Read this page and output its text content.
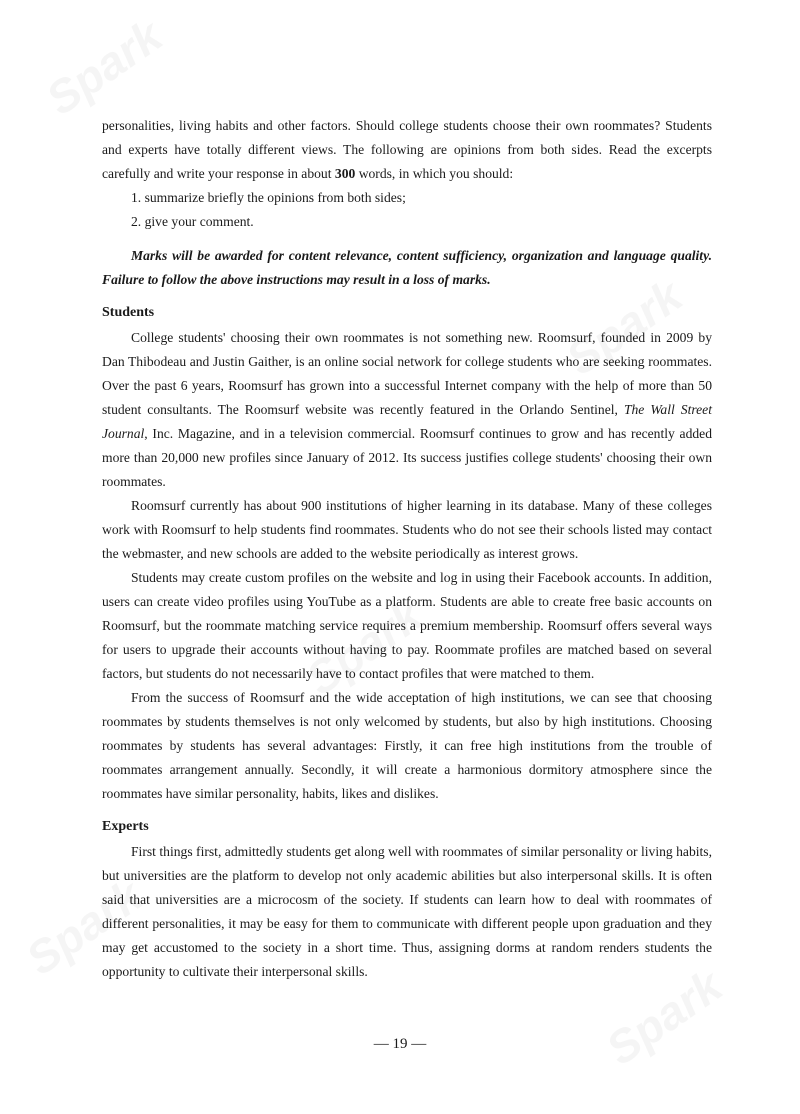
personalities, living habits and other factors. Should college students choose their own roommates? Students and experts have totally different views. The following are opinions from both sides. Read the excerpts carefully and write your response in about 300 words, in which you should:

1. summarize briefly the opinions from both sides;

2. give your comment.

Marks will be awarded for content relevance, content sufficiency, organization and language quality. Failure to follow the above instructions may result in a loss of marks.

Students

College students' choosing their own roommates is not something new. Roomsurf, founded in 2009 by Dan Thibodeau and Justin Gaither, is an online social network for college students who are seeking roommates. Over the past 6 years, Roomsurf has grown into a successful Internet company with the help of more than 50 student consultants. The Roomsurf website was recently featured in the Orlando Sentinel, The Wall Street Journal, Inc. Magazine, and in a television commercial. Roomsurf continues to grow and has recently added more than 20,000 new profiles since January of 2012. Its success justifies college students' choosing their own roommates.

Roomsurf currently has about 900 institutions of higher learning in its database. Many of these colleges work with Roomsurf to help students find roommates. Students who do not see their schools listed may contact the webmaster, and new schools are added to the website periodically as interest grows.

Students may create custom profiles on the website and log in using their Facebook accounts. In addition, users can create video profiles using YouTube as a platform. Students are able to create free basic accounts on Roomsurf, but the roommate matching service requires a premium membership. Roomsurf offers several ways for users to upgrade their accounts without having to pay. Roommate profiles are matched based on several factors, but students do not necessarily have to contact profiles that were matched to them.

From the success of Roomsurf and the wide acceptation of high institutions, we can see that choosing roommates by students themselves is not only welcomed by students, but also by high institutions. Choosing roommates by students has several advantages: Firstly, it can free high institutions from the trouble of roommates arrangement annually. Secondly, it will create a harmonious dormitory atmosphere since the roommates have similar personality, habits, likes and dislikes.

Experts

First things first, admittedly students get along well with roommates of similar personality or living habits, but universities are the platform to develop not only academic abilities but also interpersonal skills. It is often said that universities are a microcosm of the society. If students can learn how to deal with roommates of different personalities, it may be easy for them to communicate with different people upon graduation and they may get accustomed to the society in a short time. Thus, assigning dorms at random renders students the opportunity to cultivate their interpersonal skills.

— 19 —
